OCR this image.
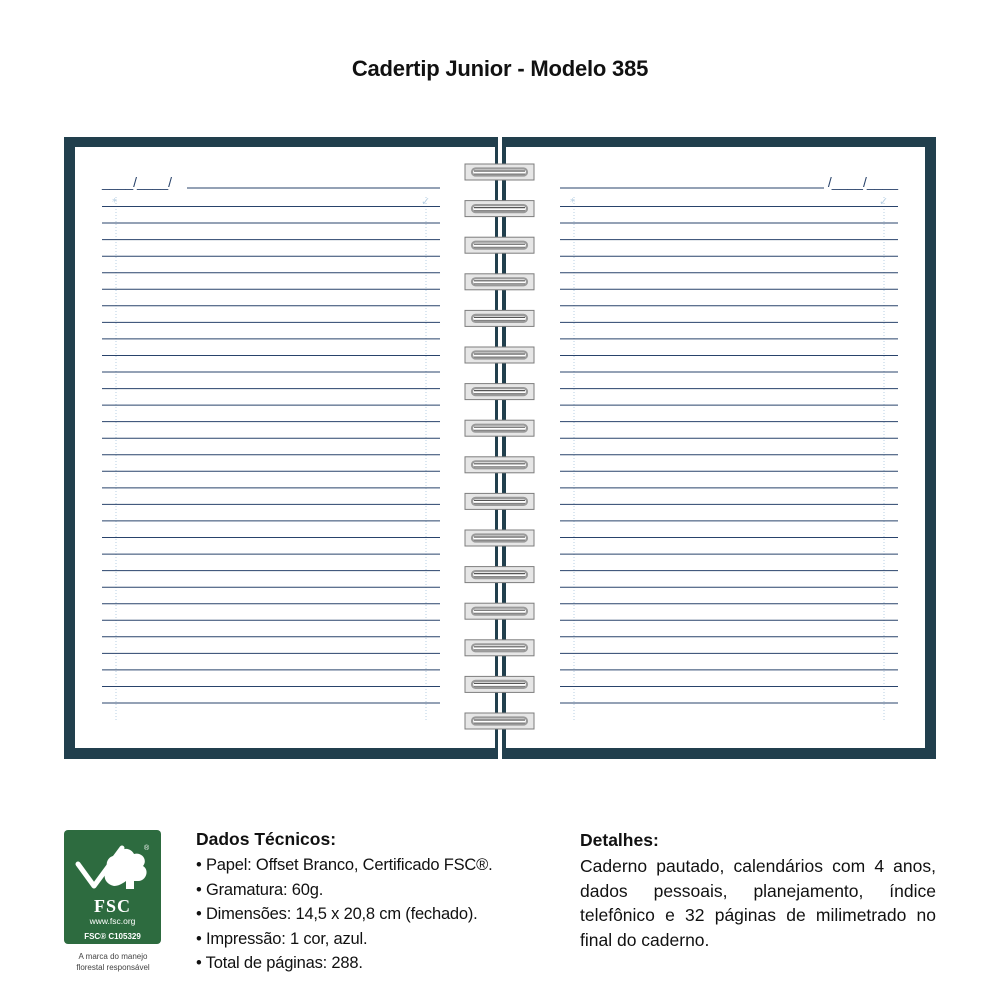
Cadertip Junior - Modelo 385
____/____/
*	✓
/____/____
*	✓
®
FSC
www.fsc.org
FSC® C105329
A marca do manejo
florestal responsável
Dados Técnicos:
• Papel: Offset Branco, Certificado FSC®.
• Gramatura: 60g.
• Dimensões: 14,5 x 20,8 cm (fechado).
• Impressão: 1 cor, azul.
• Total de páginas: 288.
Detalhes:

Caderno pautado, calendários com 4 anos, dados pessoais, planejamento, índice telefônico e 32 páginas de milimetrado no final do caderno.
